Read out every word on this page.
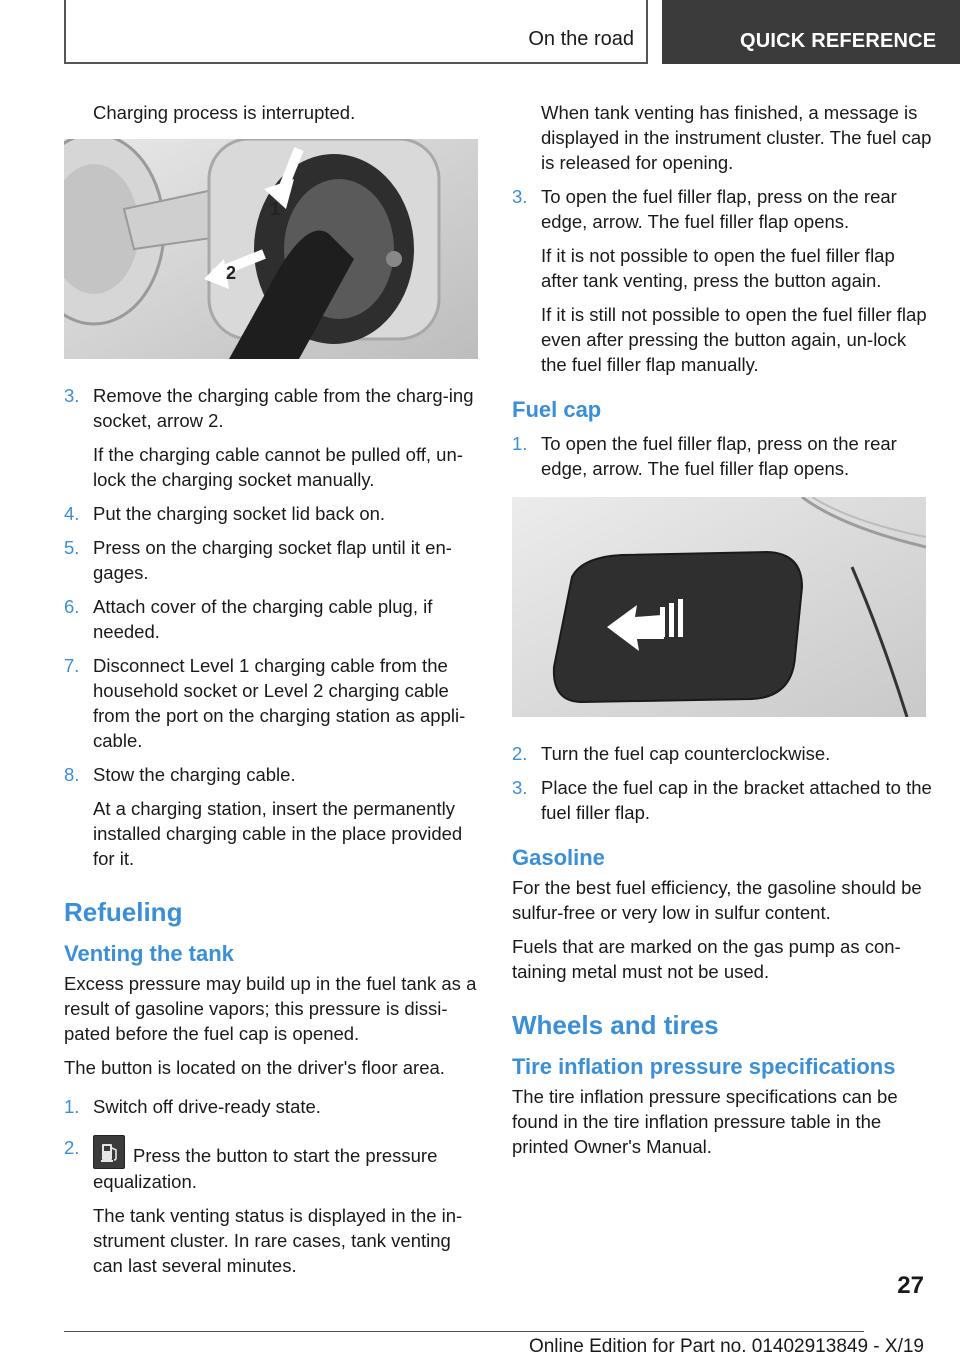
On the road	QUICK REFERENCE

Charging process is interrupted.

1
2
3. Remove the charging cable from the charg‐ing socket, arrow 2.
If the charging cable cannot be pulled off, un‐lock the charging socket manually.
4. Put the charging socket lid back on.
5. Press on the charging socket flap until it en‐gages.
6. Attach cover of the charging cable plug, if needed.
7. Disconnect Level 1 charging cable from the household socket or Level 2 charging cable from the port on the charging station as appli‐cable.
8. Stow the charging cable.
At a charging station, insert the permanently installed charging cable in the place provided for it.
Refueling
Venting the tank

Excess pressure may build up in the fuel tank as a result of gasoline vapors; this pressure is dissi‐pated before the fuel cap is opened.

The button is located on the driver's floor area.

1. Switch off drive-ready state.
2.	Press the button to start the pressure equalization.
The tank venting status is displayed in the in‐strument cluster. In rare cases, tank venting can last several minutes.

When tank venting has finished, a message is displayed in the instrument cluster. The fuel cap is released for opening.

3. To open the fuel filler flap, press on the rear edge, arrow. The fuel filler flap opens.
If it is not possible to open the fuel filler flap after tank venting, press the button again.
If it is still not possible to open the fuel filler flap even after pressing the button again, un‐lock the fuel filler flap manually.
Fuel cap
1. To open the fuel filler flap, press on the rear edge, arrow. The fuel filler flap opens.
2. Turn the fuel cap counterclockwise.
3. Place the fuel cap in the bracket attached to the fuel filler flap.
Gasoline

For the best fuel efficiency, the gasoline should be sulfur-free or very low in sulfur content.

Fuels that are marked on the gas pump as con‐taining metal must not be used.

Wheels and tires
Tire inflation pressure specifications

The tire inflation pressure specifications can be found in the tire inflation pressure table in the printed Owner's Manual.

27
Online Edition for Part no. 01402913849 - X/19
